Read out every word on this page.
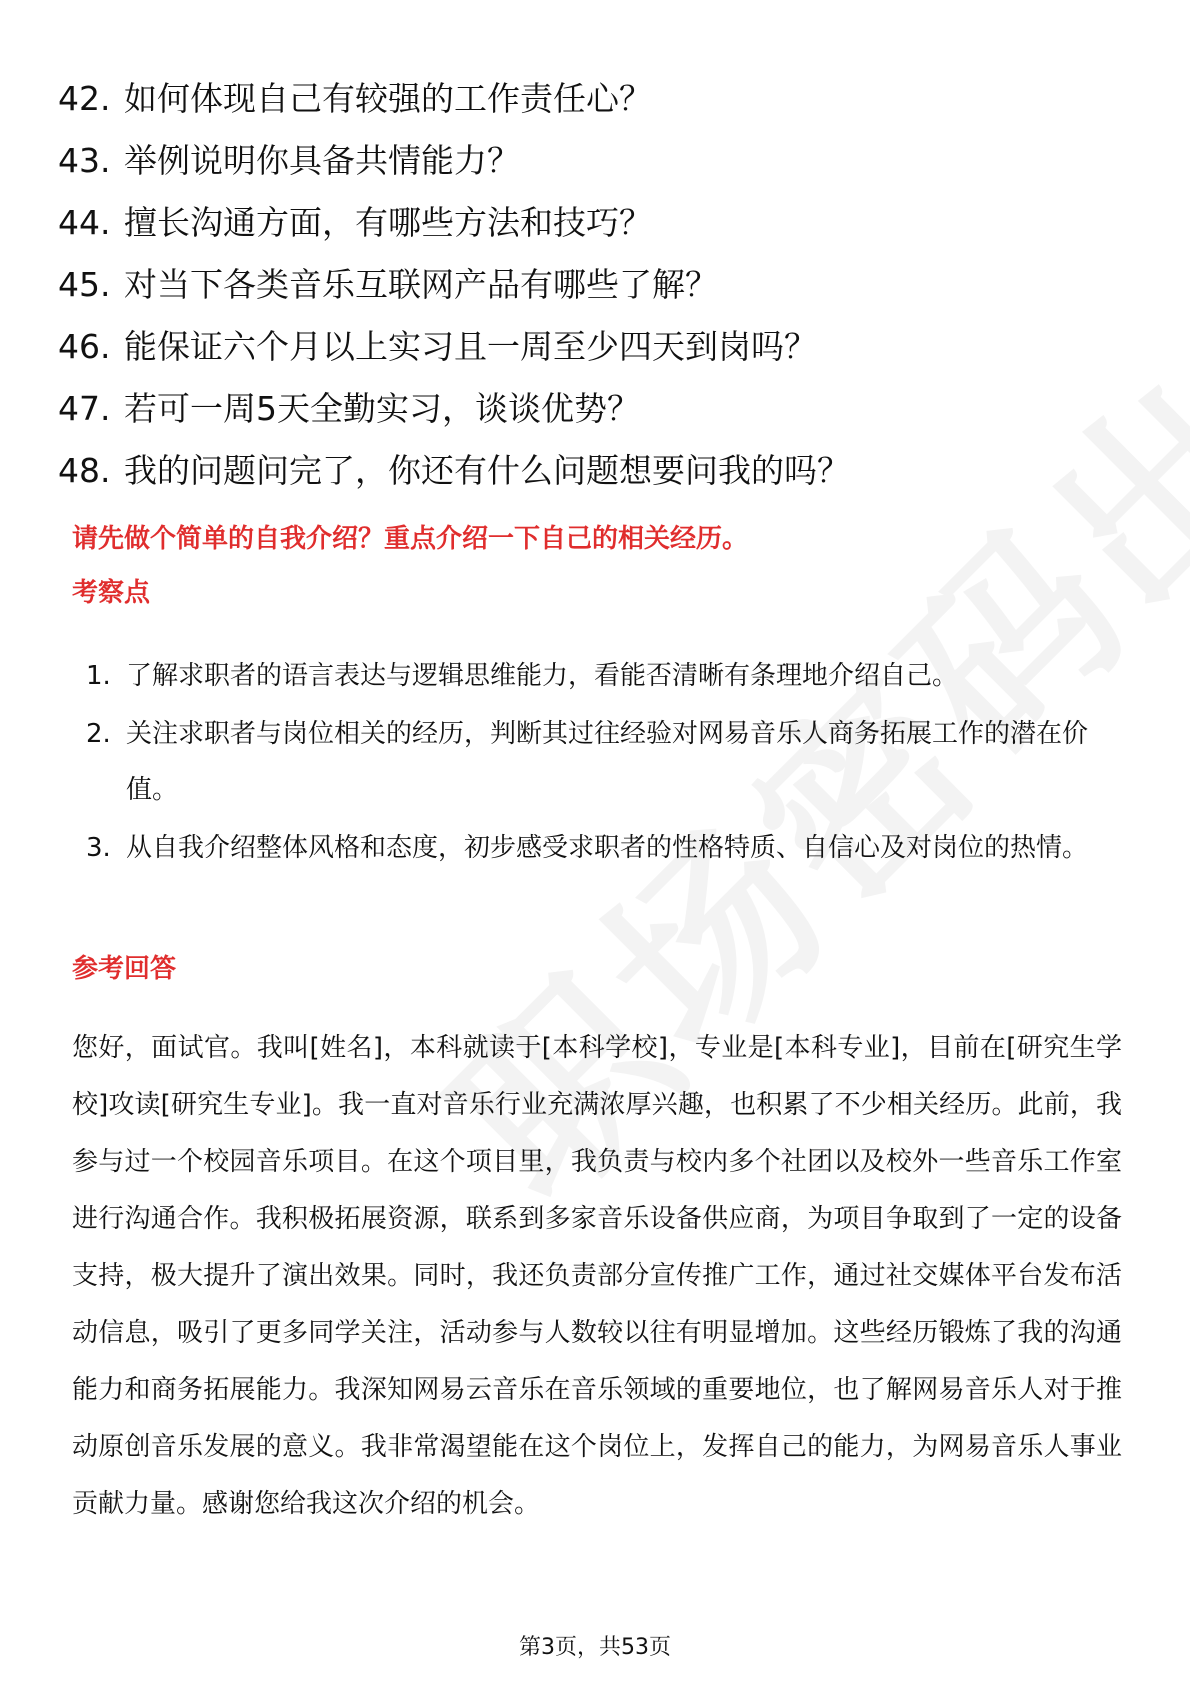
42. 如何体现自己有较强的工作责任心？
43. 举例说明你具备共情能力？
44. 擅长沟通方面，有哪些方法和技巧？
45. 对当下各类音乐互联网产品有哪些了解？
46. 能保证六个月以上实习且一周至少四天到岗吗？
47. 若可一周5天全勤实习，谈谈优势？
48. 我的问题问完了，你还有什么问题想要问我的吗？
请先做个简单的自我介绍？重点介绍一下自己的相关经历。
考察点
1. 了解求职者的语言表达与逻辑思维能力，看能否清晰有条理地介绍自己。
2. 关注求职者与岗位相关的经历，判断其过往经验对网易音乐人商务拓展工作的潜在价值。
3. 从自我介绍整体风格和态度，初步感受求职者的性格特质、自信心及对岗位的热情。
参考回答

您好，面试官。我叫[姓名]，本科就读于[本科学校]，专业是[本科专业]，目前在[研究生学校]攻读[研究生专业]。我一直对音乐行业充满浓厚兴趣，也积累了不少相关经历。此前，我参与过一个校园音乐项目。在这个项目里，我负责与校内多个社团以及校外一些音乐工作室进行沟通合作。我积极拓展资源，联系到多家音乐设备供应商，为项目争取到了一定的设备支持，极大提升了演出效果。同时，我还负责部分宣传推广工作，通过社交媒体平台发布活动信息，吸引了更多同学关注，活动参与人数较以往有明显增加。这些经历锻炼了我的沟通能力和商务拓展能力。我深知网易云音乐在音乐领域的重要地位，也了解网易音乐人对于推动原创音乐发展的意义。我非常渴望能在这个岗位上，发挥自己的能力，为网易音乐人事业贡献力量。感谢您给我这次介绍的机会。

第3页，共53页
